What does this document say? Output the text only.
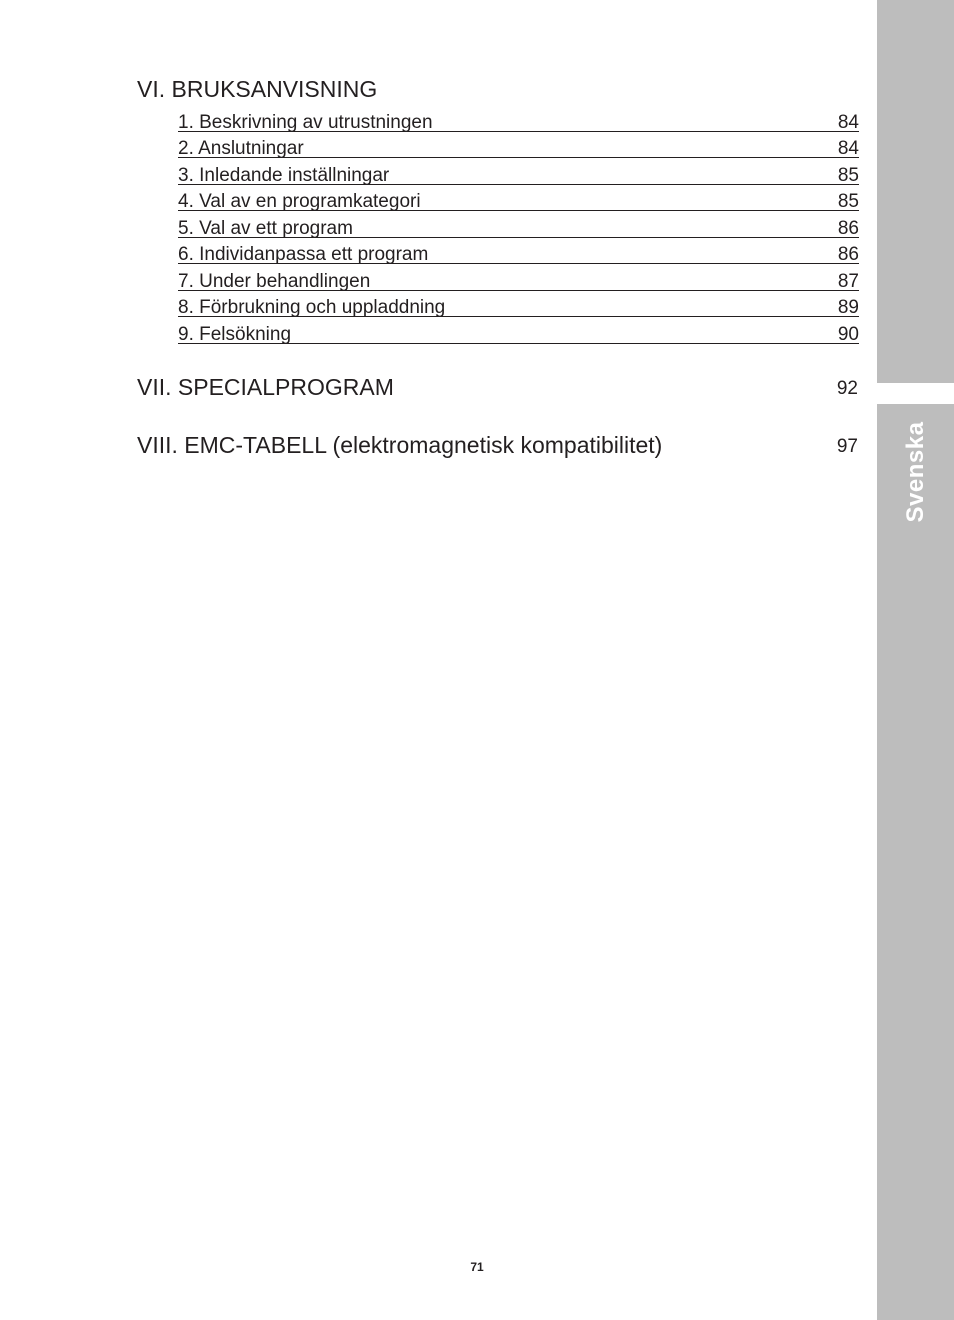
Svenska
VI. BRUKSANVISNING
1. Beskrivning av utrustningen	84
2. Anslutningar	84
3. Inledande inställningar	85
4. Val av en programkategori	85
5. Val av ett program	86
6. Individanpassa ett program	86
7. Under behandlingen	87
8. Förbrukning och uppladdning	89
9. Felsökning	90
VII. SPECIALPROGRAM	92
VIII. EMC-TABELL (elektromagnetisk kompatibilitet)	97
71
